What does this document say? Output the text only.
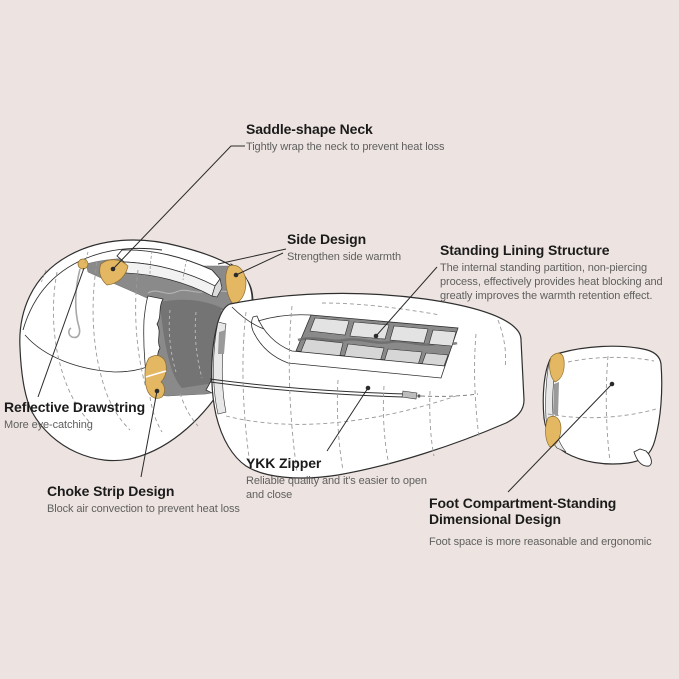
Saddle-shape Neck

Tightly wrap the neck to prevent heat loss

Side Design

Strengthen side warmth	Standing Lining Structure

The internal standing partition, non-piercing process, effectively provides heat blocking and greatly improves the warmth retention effect.

Reflective Drawstring

More eye-catching

Choke Strip Design

Block air convection to prevent heat loss

YKK Zipper

Reliable quality and it's easier to open and close	Foot Compartment-Standing Dimensional Design

Foot space is more reasonable and ergonomic
